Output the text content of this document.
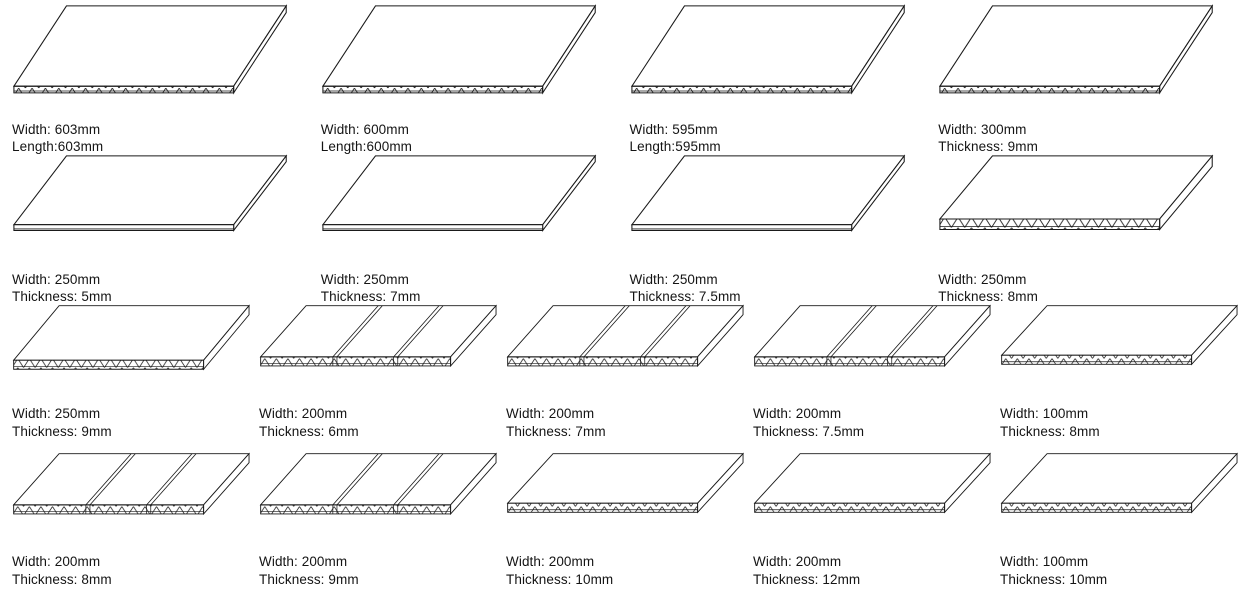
Width: 603mm
Length:603mm
Width: 600mm
Length:600mm
Width: 595mm
Length:595mm
Width: 300mm
Thickness: 9mm
Width: 250mm
Thickness: 5mm
Width: 250mm
Thickness: 7mm
Width: 250mm
Thickness: 7.5mm
Width: 250mm
Thickness: 8mm
Width: 250mm
Thickness: 9mm
Width: 200mm
Thickness: 6mm
Width: 200mm
Thickness: 7mm
Width: 200mm
Thickness: 7.5mm
Width: 100mm
Thickness: 8mm
Width: 200mm
Thickness: 8mm
Width: 200mm
Thickness: 9mm
Width: 200mm
Thickness: 10mm
Width: 200mm
Thickness: 12mm
Width: 100mm
Thickness: 10mm
